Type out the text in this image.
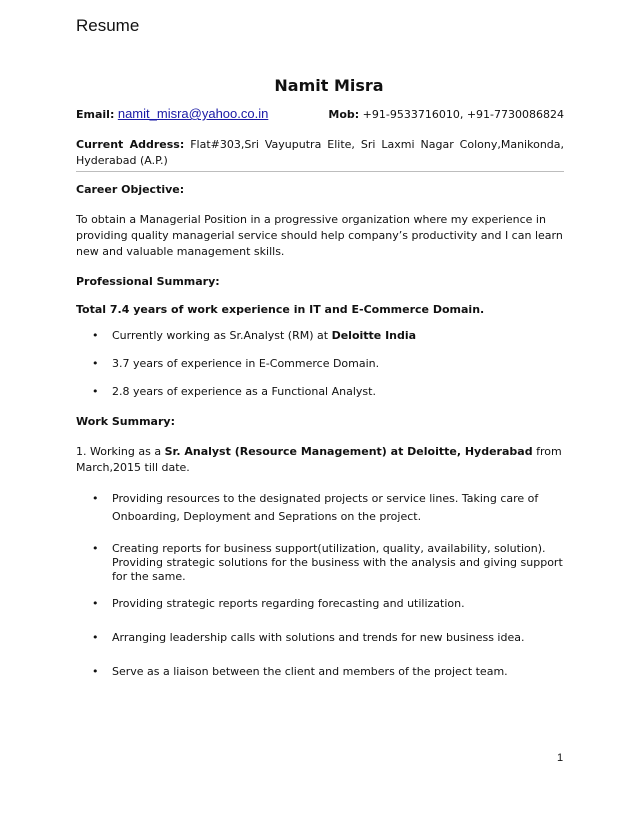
Resume
Namit Misra
Email: namit_misra@yahoo.co.in	Mob: +91-9533716010, +91-7730086824
Current Address: Flat#303,Sri Vayuputra Elite, Sri Laxmi Nagar Colony,Manikonda, Hyderabad (A.P.)
Career Objective:
To obtain a Managerial Position in a progressive organization where my experience in providing quality managerial service should help company’s productivity and I can learn new and valuable management skills.
Professional Summary:
Total 7.4 years of work experience in IT and E-Commerce Domain.
• Currently working as Sr.Analyst (RM) at Deloitte India
• 3.7 years of experience in E-Commerce Domain.
• 2.8 years of experience as a Functional Analyst.
Work Summary:
1. Working as a Sr. Analyst (Resource Management) at Deloitte, Hyderabad from March,2015 till date.
• Providing resources to the designated projects or service lines. Taking care of Onboarding, Deployment and Seprations on the project.
• Creating reports for business support(utilization, quality, availability, solution). Providing strategic solutions for the business with the analysis and giving support for the same.
• Providing strategic reports regarding forecasting and utilization.
• Arranging leadership calls with solutions and trends for new business idea.
• Serve as a liaison between the client and members of the project team.
1
